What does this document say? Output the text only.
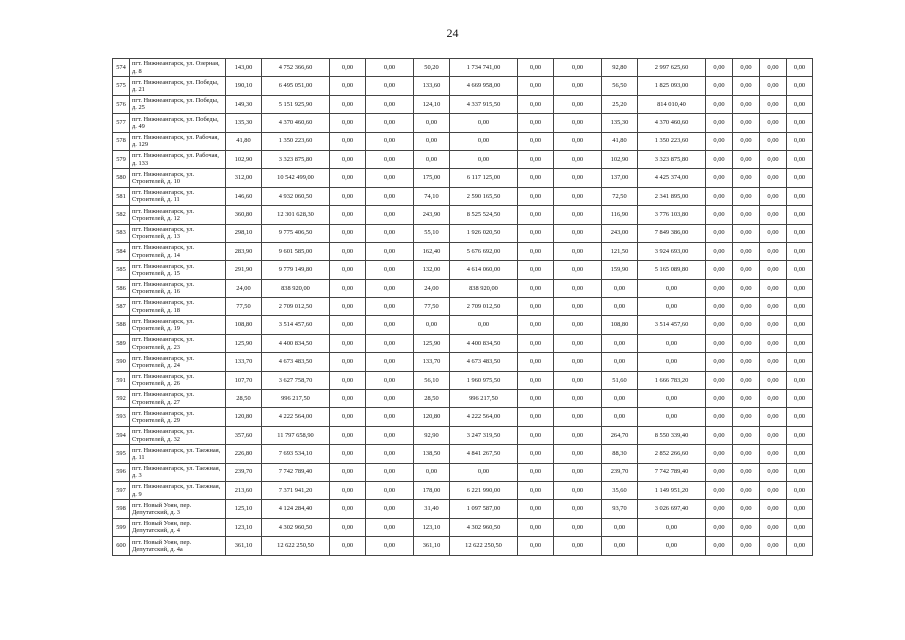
24
574	пгт. Нижнеангарск, ул. Озерная, д. 8	143,00	4 752 366,60	0,00	0,00	50,20	1 734 741,00	0,00	0,00	92,80	2 997 625,60	0,00	0,00	0,00	0,00
575	пгт. Нижнеангарск, ул. Победы, д. 21	190,10	6 495 051,00	0,00	0,00	133,60	4 669 958,00	0,00	0,00	56,50	1 825 093,00	0,00	0,00	0,00	0,00
576	пгт. Нижнеангарск, ул. Победы, д. 25	149,30	5 151 925,90	0,00	0,00	124,10	4 337 915,50	0,00	0,00	25,20	814 010,40	0,00	0,00	0,00	0,00
577	пгт. Нижнеангарск, ул. Победы, д. 49	135,30	4 370 460,60	0,00	0,00	0,00	0,00	0,00	0,00	135,30	4 370 460,60	0,00	0,00	0,00	0,00
578	пгт. Нижнеангарск, ул. Рабочая, д. 129	41,80	1 350 223,60	0,00	0,00	0,00	0,00	0,00	0,00	41,80	1 350 223,60	0,00	0,00	0,00	0,00
579	пгт. Нижнеангарск, ул. Рабочая, д. 133	102,90	3 323 875,80	0,00	0,00	0,00	0,00	0,00	0,00	102,90	3 323 875,80	0,00	0,00	0,00	0,00
580	пгт. Нижнеангарск, ул. Строителей, д. 10	312,00	10 542 499,00	0,00	0,00	175,00	6 117 125,00	0,00	0,00	137,00	4 425 374,00	0,00	0,00	0,00	0,00
581	пгт. Нижнеангарск, ул. Строителей, д. 11	146,60	4 932 060,50	0,00	0,00	74,10	2 590 165,50	0,00	0,00	72,50	2 341 895,00	0,00	0,00	0,00	0,00
582	пгт. Нижнеангарск, ул. Строителей, д. 12	360,80	12 301 628,30	0,00	0,00	243,90	8 525 524,50	0,00	0,00	116,90	3 776 103,80	0,00	0,00	0,00	0,00
583	пгт. Нижнеангарск, ул. Строителей, д. 13	298,10	9 775 406,50	0,00	0,00	55,10	1 926 020,50	0,00	0,00	243,00	7 849 386,00	0,00	0,00	0,00	0,00
584	пгт. Нижнеангарск, ул. Строителей, д. 14	283,90	9 601 585,00	0,00	0,00	162,40	5 676 692,00	0,00	0,00	121,50	3 924 693,00	0,00	0,00	0,00	0,00
585	пгт. Нижнеангарск, ул. Строителей, д. 15	291,90	9 779 149,80	0,00	0,00	132,00	4 614 060,00	0,00	0,00	159,90	5 165 089,80	0,00	0,00	0,00	0,00
586	пгт. Нижнеангарск, ул. Строителей, д. 16	24,00	838 920,00	0,00	0,00	24,00	838 920,00	0,00	0,00	0,00	0,00	0,00	0,00	0,00	0,00
587	пгт. Нижнеангарск, ул. Строителей, д. 18	77,50	2 709 012,50	0,00	0,00	77,50	2 709 012,50	0,00	0,00	0,00	0,00	0,00	0,00	0,00	0,00
588	пгт. Нижнеангарск, ул. Строителей, д. 19	108,80	3 514 457,60	0,00	0,00	0,00	0,00	0,00	0,00	108,80	3 514 457,60	0,00	0,00	0,00	0,00
589	пгт. Нижнеангарск, ул. Строителей, д. 23	125,90	4 400 834,50	0,00	0,00	125,90	4 400 834,50	0,00	0,00	0,00	0,00	0,00	0,00	0,00	0,00
590	пгт. Нижнеангарск, ул. Строителей, д. 24	133,70	4 673 483,50	0,00	0,00	133,70	4 673 483,50	0,00	0,00	0,00	0,00	0,00	0,00	0,00	0,00
591	пгт. Нижнеангарск, ул. Строителей, д. 26	107,70	3 627 758,70	0,00	0,00	56,10	1 960 975,50	0,00	0,00	51,60	1 666 783,20	0,00	0,00	0,00	0,00
592	пгт. Нижнеангарск, ул. Строителей, д. 27	28,50	996 217,50	0,00	0,00	28,50	996 217,50	0,00	0,00	0,00	0,00	0,00	0,00	0,00	0,00
593	пгт. Нижнеангарск, ул. Строителей, д. 29	120,80	4 222 564,00	0,00	0,00	120,80	4 222 564,00	0,00	0,00	0,00	0,00	0,00	0,00	0,00	0,00
594	пгт. Нижнеангарск, ул. Строителей, д. 32	357,60	11 797 658,90	0,00	0,00	92,90	3 247 319,50	0,00	0,00	264,70	8 550 339,40	0,00	0,00	0,00	0,00
595	пгт. Нижнеангарск, ул. Таежная, д. 11	226,80	7 693 534,10	0,00	0,00	138,50	4 841 267,50	0,00	0,00	88,30	2 852 266,60	0,00	0,00	0,00	0,00
596	пгт. Нижнеангарск, ул. Таежная, д. 3	239,70	7 742 789,40	0,00	0,00	0,00	0,00	0,00	0,00	239,70	7 742 789,40	0,00	0,00	0,00	0,00
597	пгт. Нижнеангарск, ул. Таежная, д. 9	213,60	7 371 941,20	0,00	0,00	178,00	6 221 990,00	0,00	0,00	35,60	1 149 951,20	0,00	0,00	0,00	0,00
598	пгт. Новый Уоян, пер. Депутатский, д. 3	125,10	4 124 284,40	0,00	0,00	31,40	1 097 587,00	0,00	0,00	93,70	3 026 697,40	0,00	0,00	0,00	0,00
599	пгт. Новый Уоян, пер. Депутатский, д. 4	123,10	4 302 960,50	0,00	0,00	123,10	4 302 960,50	0,00	0,00	0,00	0,00	0,00	0,00	0,00	0,00
600	пгт. Новый Уоян, пер. Депутатский, д. 4а	361,10	12 622 250,50	0,00	0,00	361,10	12 622 250,50	0,00	0,00	0,00	0,00	0,00	0,00	0,00	0,00
